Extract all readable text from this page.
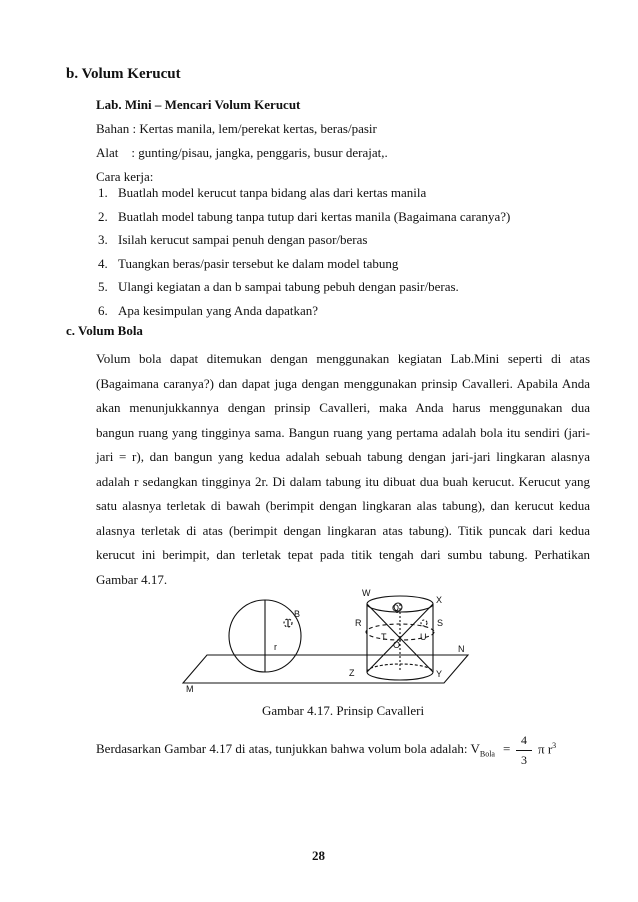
b. Volum Kerucut
Lab. Mini – Mencari Volum Kerucut
Bahan : Kertas manila, lem/perekat kertas, beras/pasir
Alat    : gunting/pisau, jangka, penggaris, busur derajat,.
Cara kerja:
1. Buatlah model kerucut tanpa bidang alas dari kertas manila
2. Buatlah model tabung tanpa tutup dari kertas manila (Bagaimana caranya?)
3. Isilah kerucut sampai penuh dengan pasor/beras
4. Tuangkan beras/pasir tersebut ke dalam model tabung
5. Ulangi kegiatan a dan b sampai tabung pebuh dengan pasir/beras.
6. Apa kesimpulan yang Anda dapatkan?
c. Volum Bola
Volum bola dapat ditemukan dengan menggunakan kegiatan Lab.Mini seperti di atas
(Bagaimana caranya?) dan dapat juga dengan menggunakan prinsip Cavalleri. Apabila Anda
akan menunjukkannya dengan prinsip Cavalleri, maka Anda harus menggunakan dua
bangun ruang yang tingginya sama. Bangun ruang yang pertama adalah bola itu sendiri (jari-
jari = r), dan bangun yang kedua adalah sebuah tabung dengan jari-jari lingkaran alasnya
adalah r sedangkan tingginya 2r. Di dalam tabung itu dibuat dua buah kerucut. Kerucut yang
satu alasnya terletak di bawah (berimpit dengan lingkaran alas tabung), dan kerucut kedua
alasnya terletak di atas (berimpit dengan lingkaran atas tabung). Titik puncak dari kedua
kerucut ini berimpit, dan terletak tepat pada titik tengah dari sumbu tabung. Perhatikan
Gambar 4.17.
W
X
Q
B
R	S
T	U
O
r	N
Z	Y
M
Gambar 4.17. Prinsip Cavalleri
Berdasarkan Gambar 4.17 di atas, tunjukkan bahwa volum bola adalah: $V_{Bola}$ =
4
3
π $r^3$
28
